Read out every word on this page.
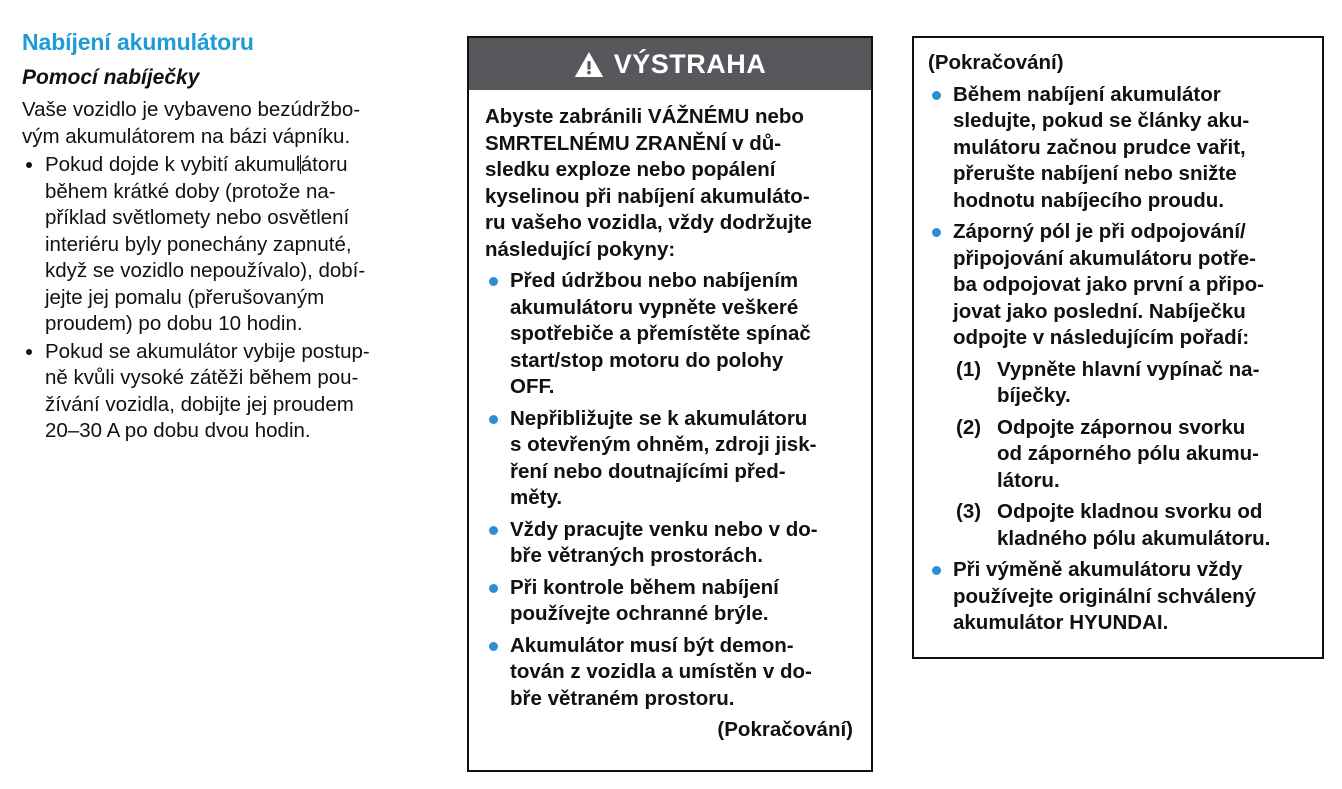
Nabíjení akumulátoru
Pomocí nabíječky

Vaše vozidlo je vybaveno bezúdržbo-
vým akumulátorem na bázi vápníku.

Pokud dojde k vybití akumulátoru
během krátké doby (protože na-
příklad světlomety nebo osvětlení
interiéru byly ponechány zapnuté,
když se vozidlo nepoužívalo), dobí-
jejte jej pomalu (přerušovaným
proudem) po dobu 10 hodin.
Pokud se akumulátor vybije postup-
ně kvůli vysoké zátěži během pou-
žívání vozidla, dobijte jej proudem
20–30 A po dobu dvou hodin.
VÝSTRAHA

Abyste zabránili VÁŽNÉMU nebo
SMRTELNÉMU ZRANĚNÍ v dů-
sledku exploze nebo popálení
kyselinou při nabíjení akumuláto-
ru vašeho vozidla, vždy dodržujte
následující pokyny:

Před údržbou nebo nabíjením
akumulátoru vypněte veškeré
spotřebiče a přemístěte spínač
start/stop motoru do polohy
OFF.
Nepřibližujte se k akumulátoru
s otevřeným ohněm, zdroji jisk-
ření nebo doutnajícími před-
měty.
Vždy pracujte venku nebo v do-
bře větraných prostorách.
Při kontrole během nabíjení
používejte ochranné brýle.
Akumulátor musí být demon-
tován z vozidla a umístěn v do-
bře větraném prostoru.
(Pokračování)
(Pokračování)
Během nabíjení akumulátor
sledujte, pokud se články aku-
mulátoru začnou prudce vařit,
přerušte nabíjení nebo snižte
hodnotu nabíjecího proudu.
Záporný pól je při odpojování/
připojování akumulátoru potře-
ba odpojovat jako první a připo-
jovat jako poslední. Nabíječku
odpojte v následujícím pořadí:
(1) Vypněte hlavní vypínač na-
bíječky.
(2) Odpojte zápornou svorku
od záporného pólu akumu-
látoru.
(3) Odpojte kladnou svorku od
kladného pólu akumulátoru.
Při výměně akumulátoru vždy
používejte originální schválený
akumulátor HYUNDAI.
